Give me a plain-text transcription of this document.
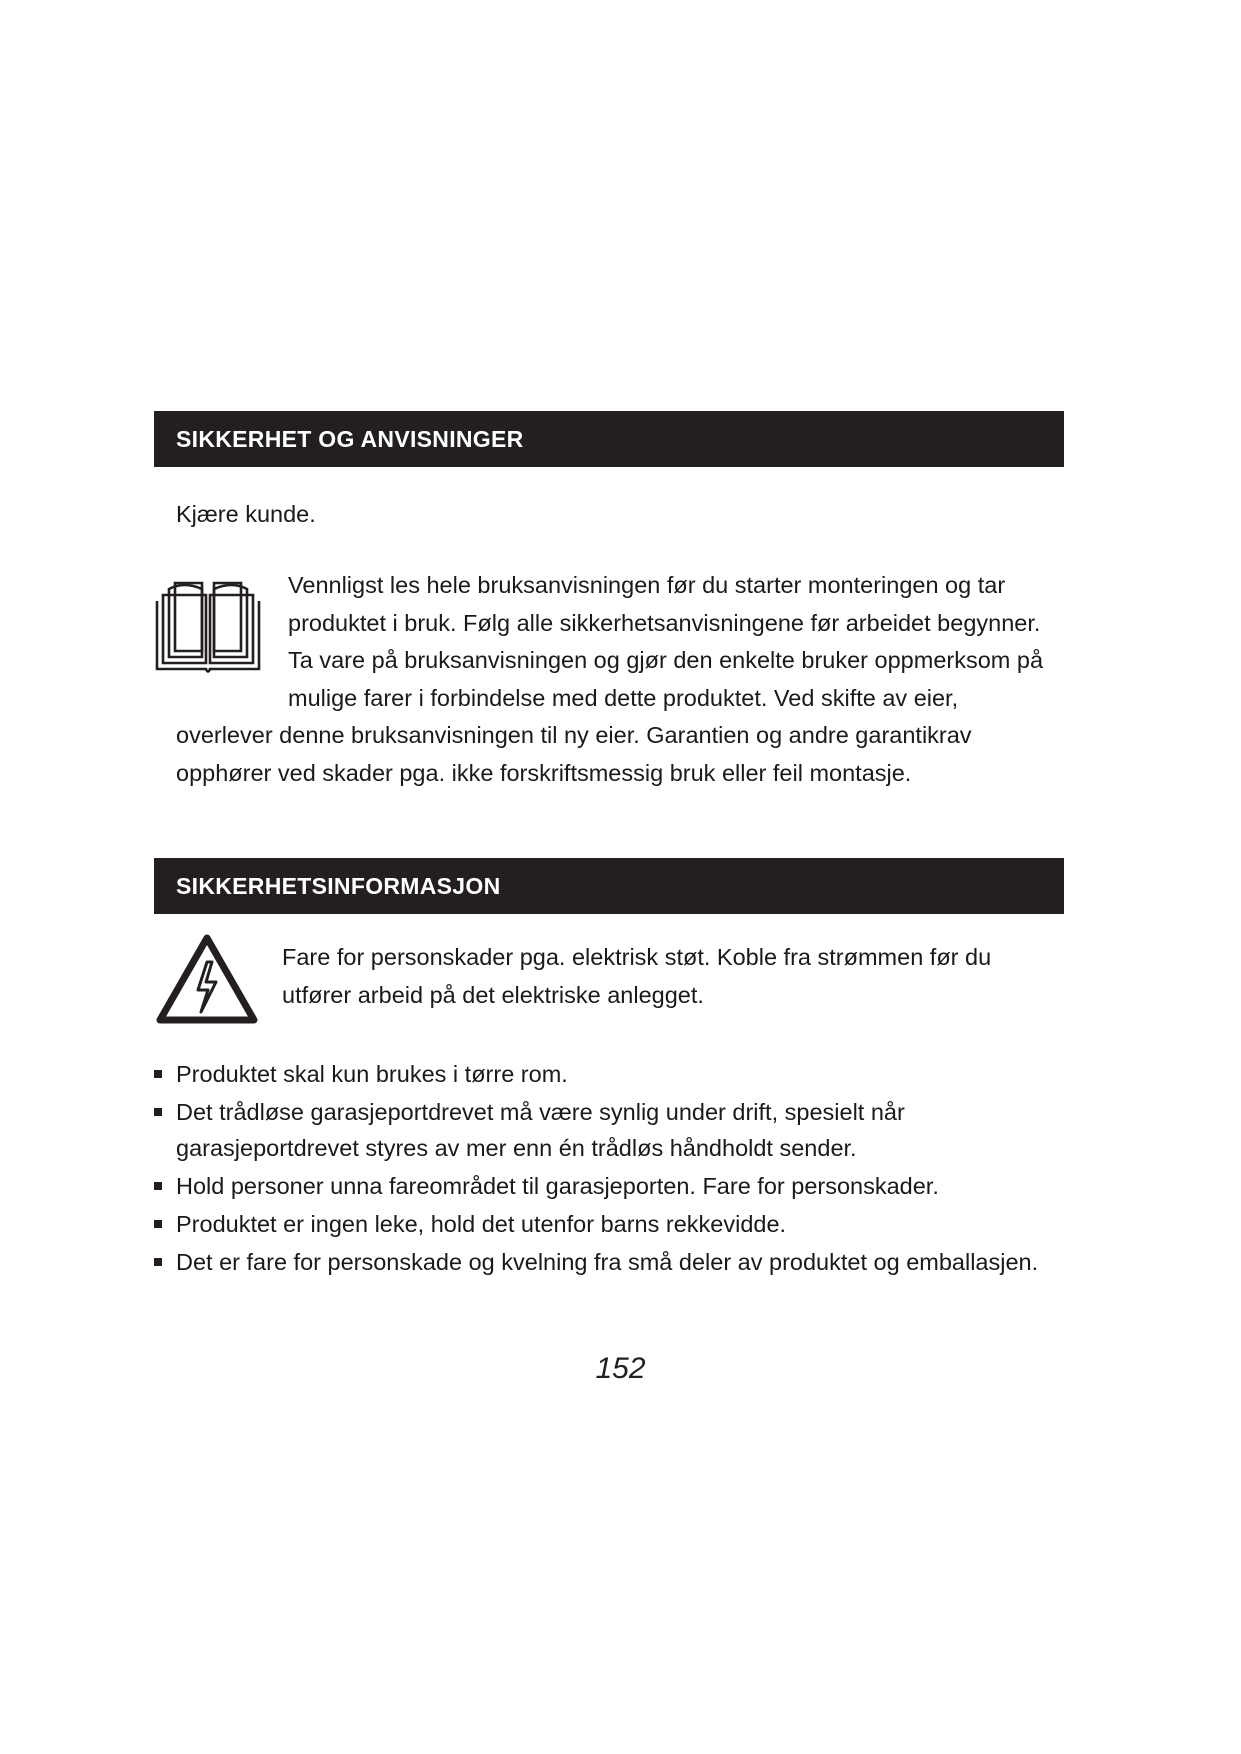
SIKKERHET OG ANVISNINGER
Kjære kunde.

Vennligst les hele bruksanvisningen før du starter monteringen og tar produktet i bruk. Følg alle sikkerhetsanvisningene før arbeidet begynner. Ta vare på bruksanvisningen og gjør den enkelte bruker oppmerksom på mulige farer i forbindelse med dette produktet. Ved skifte av eier, overlever denne bruksanvisningen til ny eier. Garantien og andre garantikrav opphører ved skader pga. ikke forskriftsmessig bruk eller feil montasje.

SIKKERHETSINFORMASJON

Fare for personskader pga. elektrisk støt. Koble fra strømmen før du utfører arbeid på det elektriske anlegget.

Produktet skal kun brukes i tørre rom.
Det trådløse garasjeportdrevet må være synlig under drift, spesielt når garasjeportdrevet styres av mer enn én trådløs håndholdt sender.
Hold personer unna fareområdet til garasjeporten. Fare for personskader.
Produktet er ingen leke, hold det utenfor barns rekkevidde.
Det er fare for personskade og kvelning fra små deler av produktet og emballasjen.
152
